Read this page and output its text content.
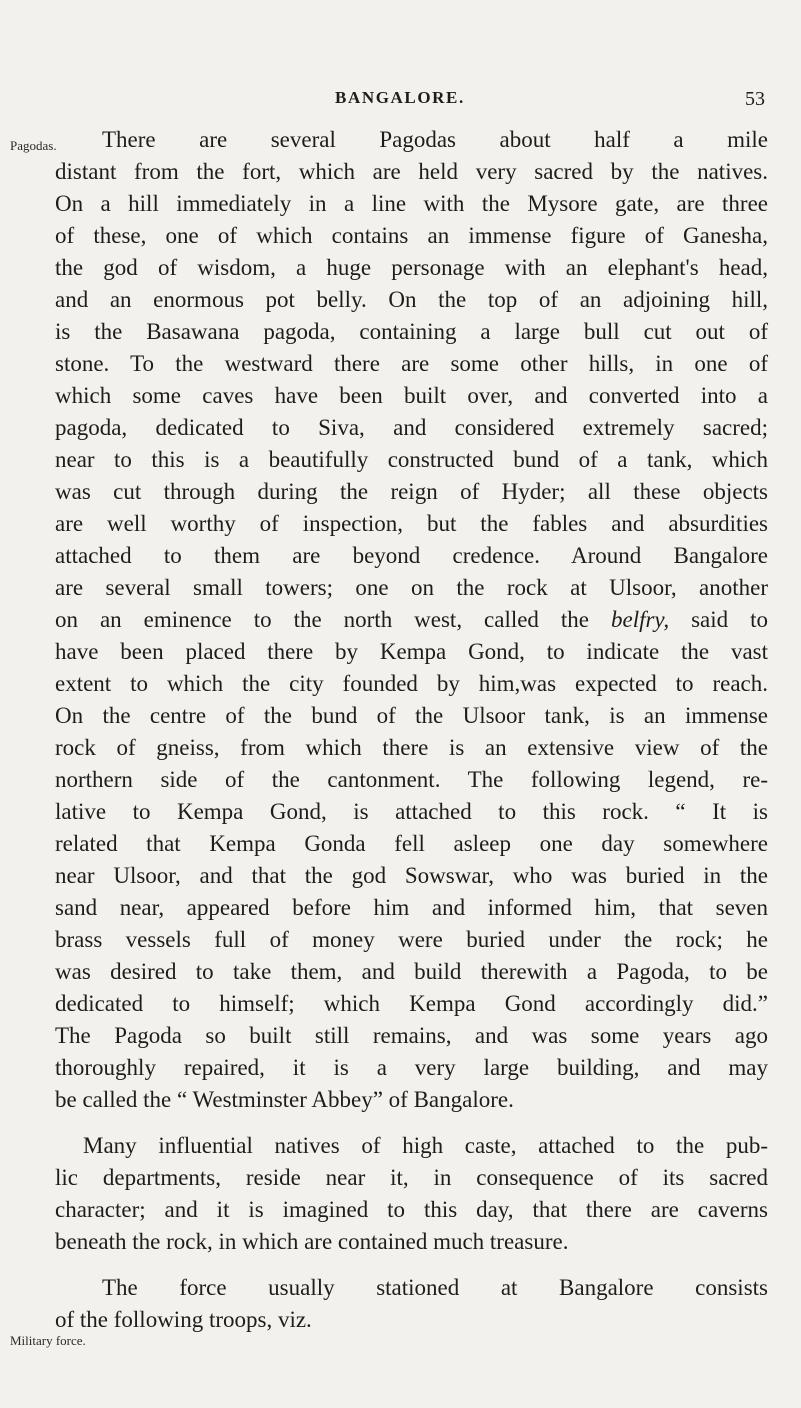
BANGALORE.	53
Pagodas.
Military force.
There are several Pagodas about half a mile
distant from the fort, which are held very sacred by the natives.
On a hill immediately in a line with the Mysore gate, are three
of these, one of which contains an immense figure of Ganesha,
the god of wisdom, a huge personage with an elephant's head,
and an enormous pot belly. On the top of an adjoining hill,
is the Basawana pagoda, containing a large bull cut out of
stone. To the westward there are some other hills, in one of
which some caves have been built over, and converted into a
pagoda, dedicated to Siva, and considered extremely sacred;
near to this is a beautifully constructed bund of a tank, which
was cut through during the reign of Hyder; all these objects
are well worthy of inspection, but the fables and absurdities
attached to them are beyond credence. Around Bangalore
are several small towers; one on the rock at Ulsoor, another
on an eminence to the north west, called the belfry, said to
have been placed there by Kempa Gond, to indicate the vast
extent to which the city founded by him,was expected to reach.
On the centre of the bund of the Ulsoor tank, is an immense
rock of gneiss, from which there is an extensive view of the
northern side of the cantonment. The following legend, re-
lative to Kempa Gond, is attached to this rock. “ It is
related that Kempa Gonda fell asleep one day somewhere
near Ulsoor, and that the god Sowswar, who was buried in the
sand near, appeared before him and informed him, that seven
brass vessels full of money were buried under the rock; he
was desired to take them, and build therewith a Pagoda, to be
dedicated to himself; which Kempa Gond accordingly did.”
The Pagoda so built still remains, and was some years ago
thoroughly repaired, it is a very large building, and may
be called the “ Westminster Abbey” of Bangalore.
Many influential natives of high caste, attached to the pub-
lic departments, reside near it, in consequence of its sacred
character; and it is imagined to this day, that there are caverns
beneath the rock, in which are contained much treasure.
The force usually stationed at Bangalore consists
of the following troops, viz.
